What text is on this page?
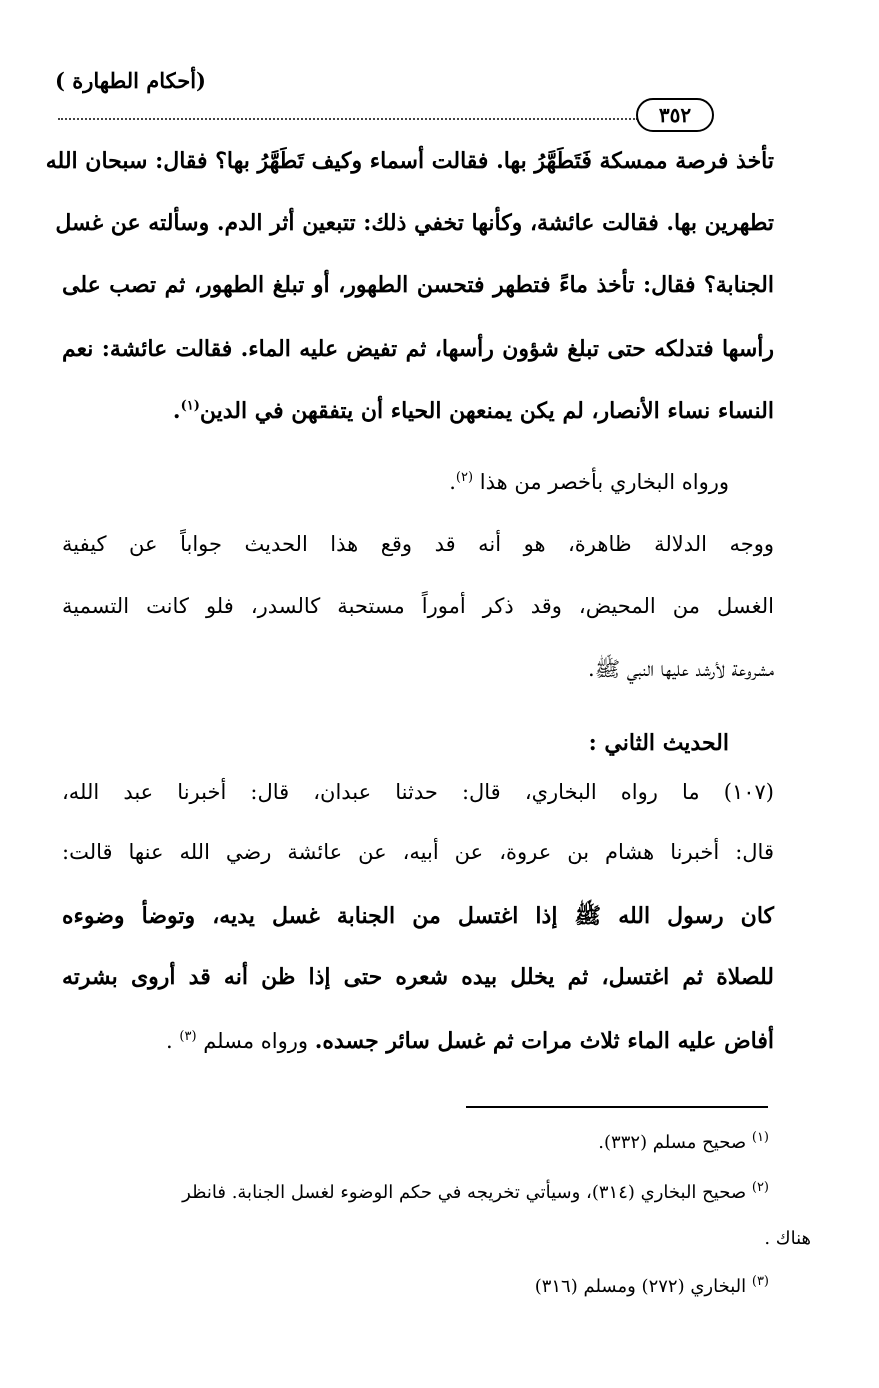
(أحكام الطهارة )
٣٥٢
تأخذ فرصة ممسكة فَتَطَهَّرُ بها. فقالت أسماء وكيف تَطَهَّرُ بها؟ فقال: سبحان الله
تطهرين بها. فقالت عائشة، وكأنها تخفي ذلك: تتبعين أثر الدم. وسألته عن غسل
الجنابة؟ فقال: تأخذ ماءً فتطهر فتحسن الطهور، أو تبلغ الطهور، ثم تصب على
رأسها فتدلكه حتى تبلغ شؤون رأسها، ثم تفيض عليه الماء. فقالت عائشة: نعم
النساء نساء الأنصار، لم يكن يمنعهن الحياء أن يتفقهن في الدين$^{(١)}$.
ورواه البخاري بأخصر من هذا $^{(٢)}$.
ووجه الدلالة ظاهرة، هو أنه قد وقع هذا الحديث جواباً عن كيفية
الغسل من المحيض، وقد ذكر أموراً مستحبة كالسدر، فلو كانت التسمية
مشروعة لأرشد عليها النبي ﷺ.
الحديث الثاني :
(١٠٧) ما رواه البخاري، قال: حدثنا عبدان، قال: أخبرنا عبد الله،
قال: أخبرنا هشام بن عروة، عن أبيه، عن عائشة رضي الله عنها قالت:
كان رسول الله ﷺ إذا اغتسل من الجنابة غسل يديه، وتوضأ وضوءه
للصلاة ثم اغتسل، ثم يخلل بيده شعره حتى إذا ظن أنه قد أروى بشرته
أفاض عليه الماء ثلاث مرات ثم غسل سائر جسده. ورواه مسلم $^{(٣)}$ .
$^{(١)}$ صحيح مسلم (٣٣٢).
$^{(٢)}$ صحيح البخاري (٣١٤)، وسيأتي تخريجه في حكم الوضوء لغسل الجنابة. فانظر
هناك .
$^{(٣)}$ البخاري (٢٧٢) ومسلم (٣١٦)
